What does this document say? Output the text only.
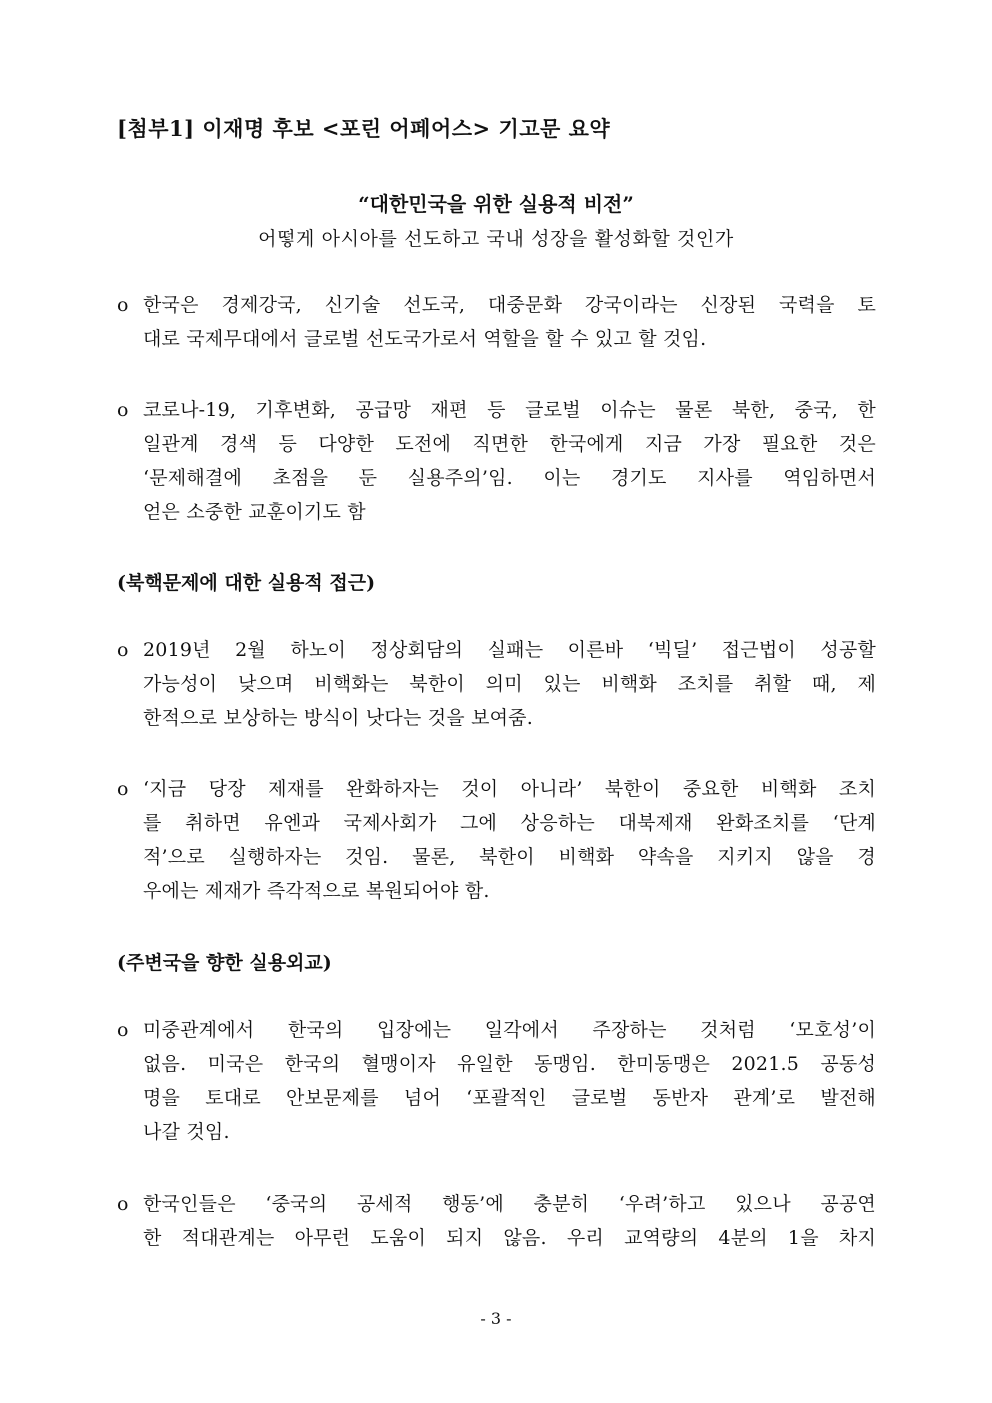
[첨부1] 이재명 후보 <포린 어페어스> 기고문 요약
“대한민국을 위한 실용적 비전”
어떻게 아시아를 선도하고 국내 성장을 활성화할 것인가
o 한국은 경제강국, 신기술 선도국, 대중문화 강국이라는 신장된 국력을 토
대로 국제무대에서 글로벌 선도국가로서 역할을 할 수 있고 할 것임.
o 코로나-19, 기후변화, 공급망 재편 등 글로벌 이슈는 물론 북한, 중국, 한
일관계 경색 등 다양한 도전에 직면한 한국에게 지금 가장 필요한 것은
‘문제해결에 초점을 둔 실용주의’임. 이는 경기도 지사를 역임하면서
얻은 소중한 교훈이기도 함
(북핵문제에 대한 실용적 접근)
o 2019년 2월 하노이 정상회담의 실패는 이른바 ‘빅딜’ 접근법이 성공할
가능성이 낮으며 비핵화는 북한이 의미 있는 비핵화 조치를 취할 때, 제
한적으로 보상하는 방식이 낫다는 것을 보여줌.
o ‘지금 당장 제재를 완화하자는 것이 아니라’ 북한이 중요한 비핵화 조치
를 취하면 유엔과 국제사회가 그에 상응하는 대북제재 완화조치를 ‘단계
적’으로 실행하자는 것임. 물론, 북한이 비핵화 약속을 지키지 않을 경
우에는 제재가 즉각적으로 복원되어야 함.
(주변국을 향한 실용외교)
o 미중관계에서 한국의 입장에는 일각에서 주장하는 것처럼 ‘모호성’이
없음. 미국은 한국의 혈맹이자 유일한 동맹임. 한미동맹은 2021.5 공동성
명을 토대로 안보문제를 넘어 ‘포괄적인 글로벌 동반자 관계’로 발전해
나갈 것임.
o 한국인들은 ‘중국의 공세적 행동’에 충분히 ‘우려’하고 있으나 공공연
한 적대관계는 아무런 도움이 되지 않음. 우리 교역량의 4분의 1을 차지
- 3 -
